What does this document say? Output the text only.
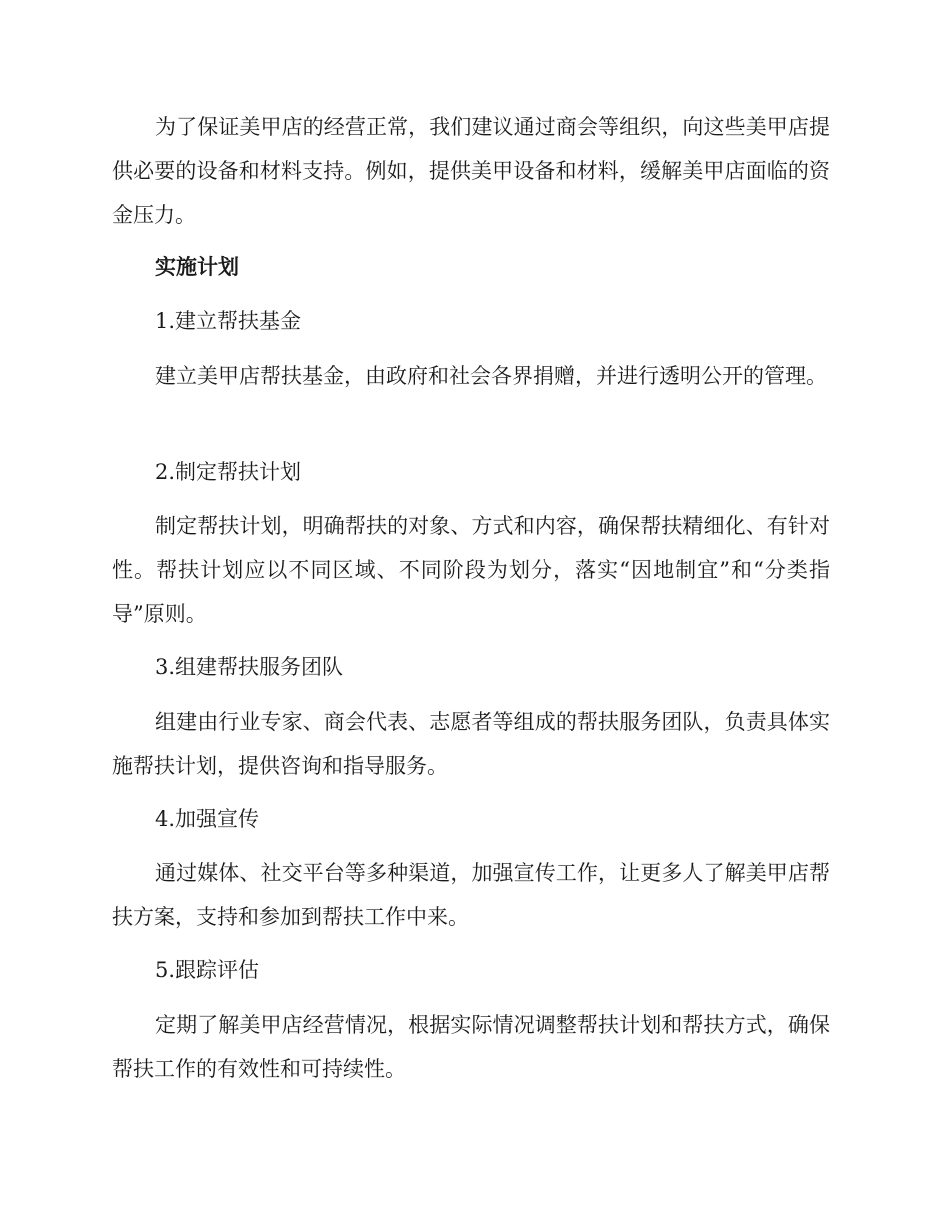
为了保证美甲店的经营正常，我们建议通过商会等组织，向这些美甲店提供必要的设备和材料支持。例如，提供美甲设备和材料，缓解美甲店面临的资金压力。

实施计划

1.建立帮扶基金

建立美甲店帮扶基金，由政府和社会各界捐赠，并进行透明公开的管理。

2.制定帮扶计划

制定帮扶计划，明确帮扶的对象、方式和内容，确保帮扶精细化、有针对性。帮扶计划应以不同区域、不同阶段为划分，落实“因地制宜”和“分类指导”原则。

3.组建帮扶服务团队

组建由行业专家、商会代表、志愿者等组成的帮扶服务团队，负责具体实施帮扶计划，提供咨询和指导服务。

4.加强宣传

通过媒体、社交平台等多种渠道，加强宣传工作，让更多人了解美甲店帮扶方案，支持和参加到帮扶工作中来。

5.跟踪评估

定期了解美甲店经营情况，根据实际情况调整帮扶计划和帮扶方式，确保帮扶工作的有效性和可持续性。
